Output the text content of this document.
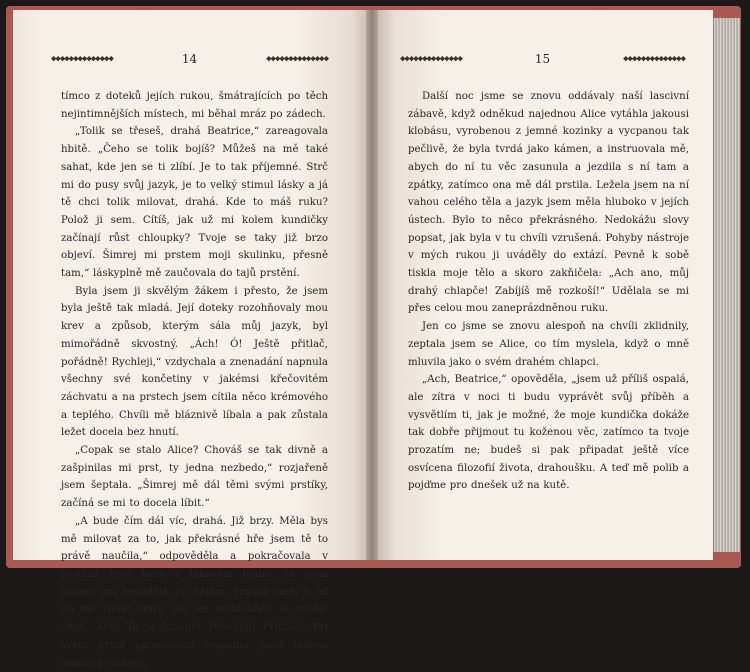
◆◆◆◆◆◆◆◆◆◆◆◆◆◆	14	◆◆◆◆◆◆◆◆◆◆◆◆◆◆

tímco z doteků jejích rukou, šmátrajících po těch nejintimnějších místech, mi běhal mráz po zádech.

„Tolik se třeseš, drahá Beatrice,“ zareagovala hbitě. „Čeho se tolik bojíš? Můžeš na mě také sahat, kde jen se ti zlíbí. Je to tak příjemné. Strč mi do pusy svůj jazyk, je to velký stimul lásky a já tě chci tolik milovat, drahá. Kde to máš ruku? Polož ji sem. Cítíš, jak už mi kolem kundičky začínají růst chloupky? Tvoje se taky již brzo objeví. Šimrej mi prstem moji skulinku, přesně tam,“ láskyplně mě zaučovala do tajů prstění.

Byla jsem ji skvělým žákem i přesto, že jsem byla ještě tak mladá. Její doteky rozohňovaly mou krev a způsob, kterým sála můj jazyk, byl mimořádně skvostný. „Ách! Ó! Ještě přitlač, pořádně! Rychleji,“ vzdychala a znenadání napnula všechny své končetiny v jakémsi křečovitém záchvatu a na prstech jsem cítila něco krémového a teplého. Chvíli mě bláznivě líbala a pak zůstala ležet docela bez hnutí.

„Copak se stalo Alice? Chováš se tak divně a zašpinilas mi prst, ty jedna nezbedo,“ rozjařeně jsem šeptala. „Šimrej mě dál těmi svými prstíky, začíná se mi to docela líbit.“

„A bude čím dál víc, drahá. Již brzy. Měla bys mě milovat za to, jak překrásné hře jsem tě to právě naučila,“ odpověděla a pokračovala v prstění. Byla jsem v takovém blahu, že jsem málem ani nevěděla, co dělám. Prosila jsem ji, ať do mě vjede prsty, jak jen nejhlouběji to půjde. „Ach, Ách! To je úžasné! Hlouběji! Přitlač!“ Při svém první panenském orgasmu jsem málem omdlela rozkoší.

◆◆◆◆◆◆◆◆◆◆◆◆◆◆	15	◆◆◆◆◆◆◆◆◆◆◆◆◆◆

Další noc jsme se znovu oddávaly naší lascivní zábavě, když odněkud najednou Alice vytáhla jakousi klobásu, vyrobenou z jemné kozinky a vycpanou tak pečlivě, že byla tvrdá jako kámen, a instruovala mě, abych do ní tu věc zasunula a jezdila s ní tam a zpátky, zatímco ona mě dál prstila. Ležela jsem na ní vahou celého těla a jazyk jsem měla hluboko v jejích ústech. Bylo to něco překrásného. Nedokážu slovy popsat, jak byla v tu chvíli vzrušená. Pohyby nástroje v mých rukou ji uváděly do extází. Pevně k sobě tiskla moje tělo a skoro zakňičela: „Ach ano, můj drahý chlapče! Zabíjíš mě rozkoší!“ Udělala se mi přes celou mou zaneprázdněnou ruku.

Jen co jsme se znovu alespoň na chvíli zklidnily, zeptala jsem se Alice, co tím myslela, když o mně mluvila jako o svém drahém chlapci.

„Ach, Beatrice,“ opověděla, „jsem už příliš ospalá, ale zítra v noci ti budu vyprávět svůj příběh a vysvětlím ti, jak je možné, že moje kundička dokáže tak dobře přijmout tu koženou věc, zatímco ta tvoje prozatím ne; budeš si pak připadat ještě více osvícena filozofií života, drahoušku. A teď mě polib a pojďme pro dnešek už na kutě.
